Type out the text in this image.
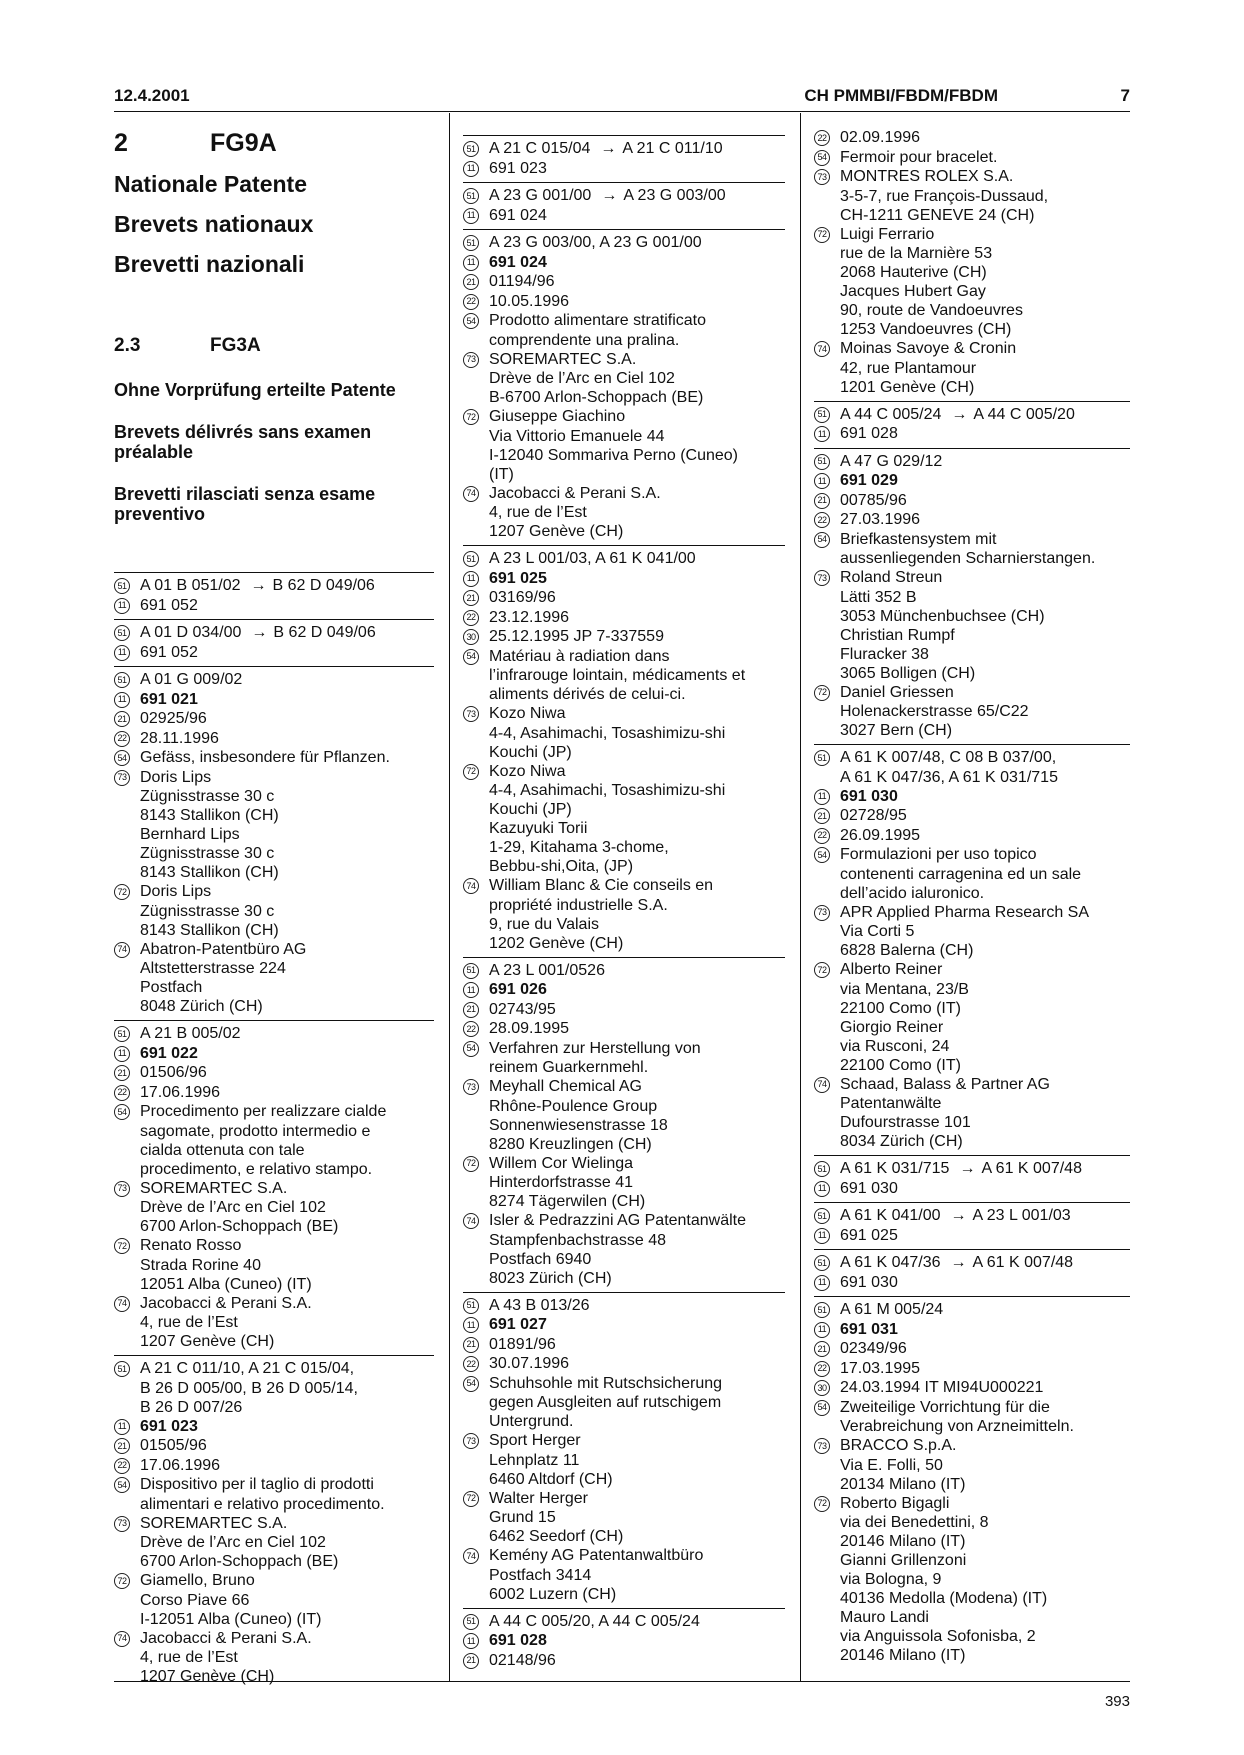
12.4.2001	CH PMMBI/FBDM/FBDM	7
2	FG9A
Nationale Patente
Brevets nationaux
Brevetti nazionali
2.3	FG3A
Ohne Vorprüfung erteilte Patente
Brevets délivrés sans examen préalable
Brevetti rilasciati senza esame preventivo
51 A 01 B 051/02 → B 62 D 049/06
11 691 052
51 A 01 D 034/00 → B 62 D 049/06
11 691 052
51 A 01 G 009/02
11 691 021
21 02925/96
22 28.11.1996
54 Gefäss, insbesondere für Pflanzen.
73 Doris Lips
Zügnisstrasse 30 c
8143 Stallikon (CH)
Bernhard Lips
Zügnisstrasse 30 c
8143 Stallikon (CH)
72 Doris Lips
Zügnisstrasse 30 c
8143 Stallikon (CH)
74 Abatron-Patentbüro AG
Altstetterstrasse 224
Postfach
8048 Zürich (CH)
51 A 21 B 005/02
11 691 022
21 01506/96
22 17.06.1996
54 Procedimento per realizzare cialde
sagomate, prodotto intermedio e
cialda ottenuta con tale
procedimento, e relativo stampo.
73 SOREMARTEC S.A.
Drève de l’Arc en Ciel 102
6700 Arlon-Schoppach (BE)
72 Renato Rosso
Strada Rorine 40
12051 Alba (Cuneo) (IT)
74 Jacobacci & Perani S.A.
4, rue de l’Est
1207 Genève (CH)
51 A 21 C 011/10, A 21 C 015/04,
B 26 D 005/00, B 26 D 005/14,
B 26 D 007/26
11 691 023
21 01505/96
22 17.06.1996
54 Dispositivo per il taglio di prodotti
alimentari e relativo procedimento.
73 SOREMARTEC S.A.
Drève de l’Arc en Ciel 102
6700 Arlon-Schoppach (BE)
72 Giamello, Bruno
Corso Piave 66
I-12051 Alba (Cuneo) (IT)
74 Jacobacci & Perani S.A.
4, rue de l’Est
1207 Genève (CH)
51 A 21 C 015/04 → A 21 C 011/10
11 691 023
51 A 23 G 001/00 → A 23 G 003/00
11 691 024
51 A 23 G 003/00, A 23 G 001/00
11 691 024
21 01194/96
22 10.05.1996
54 Prodotto alimentare stratificato
comprendente una pralina.
73 SOREMARTEC S.A.
Drève de l’Arc en Ciel 102
B-6700 Arlon-Schoppach (BE)
72 Giuseppe Giachino
Via Vittorio Emanuele 44
I-12040 Sommariva Perno (Cuneo)
(IT)
74 Jacobacci & Perani S.A.
4, rue de l’Est
1207 Genève (CH)
51 A 23 L 001/03, A 61 K 041/00
11 691 025
21 03169/96
22 23.12.1996
30 25.12.1995 JP 7-337559
54 Matériau à radiation dans
l’infrarouge lointain, médicaments et
aliments dérivés de celui-ci.
73 Kozo Niwa
4-4, Asahimachi, Tosashimizu-shi
Kouchi (JP)
72 Kozo Niwa
4-4, Asahimachi, Tosashimizu-shi
Kouchi (JP)
Kazuyuki Torii
1-29, Kitahama 3-chome,
Bebbu-shi,Oita, (JP)
74 William Blanc & Cie conseils en
propriété industrielle S.A.
9, rue du Valais
1202 Genève (CH)
51 A 23 L 001/0526
11 691 026
21 02743/95
22 28.09.1995
54 Verfahren zur Herstellung von
reinem Guarkernmehl.
73 Meyhall Chemical AG
Rhône-Poulence Group
Sonnenwiesenstrasse 18
8280 Kreuzlingen (CH)
72 Willem Cor Wielinga
Hinterdorfstrasse 41
8274 Tägerwilen (CH)
74 Isler & Pedrazzini AG Patentanwälte
Stampfenbachstrasse 48
Postfach 6940
8023 Zürich (CH)
51 A 43 B 013/26
11 691 027
21 01891/96
22 30.07.1996
54 Schuhsohle mit Rutschsicherung
gegen Ausgleiten auf rutschigem
Untergrund.
73 Sport Herger
Lehnplatz 11
6460 Altdorf (CH)
72 Walter Herger
Grund 15
6462 Seedorf (CH)
74 Kemény AG Patentanwaltbüro
Postfach 3414
6002 Luzern (CH)
51 A 44 C 005/20, A 44 C 005/24
11 691 028
21 02148/96
22 02.09.1996
54 Fermoir pour bracelet.
73 MONTRES ROLEX S.A.
3-5-7, rue François-Dussaud,
CH-1211 GENEVE 24 (CH)
72 Luigi Ferrario
rue de la Marnière 53
2068 Hauterive (CH)
Jacques Hubert Gay
90, route de Vandoeuvres
1253 Vandoeuvres (CH)
74 Moinas Savoye & Cronin
42, rue Plantamour
1201 Genève (CH)
51 A 44 C 005/24 → A 44 C 005/20
11 691 028
51 A 47 G 029/12
11 691 029
21 00785/96
22 27.03.1996
54 Briefkastensystem mit
aussenliegenden Scharnierstangen.
73 Roland Streun
Lätti 352 B
3053 Münchenbuchsee (CH)
Christian Rumpf
Fluracker 38
3065 Bolligen (CH)
72 Daniel Griessen
Holenackerstrasse 65/C22
3027 Bern (CH)
51 A 61 K 007/48, C 08 B 037/00,
A 61 K 047/36, A 61 K 031/715
11 691 030
21 02728/95
22 26.09.1995
54 Formulazioni per uso topico
contenenti carragenina ed un sale
dell’acido ialuronico.
73 APR Applied Pharma Research SA
Via Corti 5
6828 Balerna (CH)
72 Alberto Reiner
via Mentana, 23/B
22100 Como (IT)
Giorgio Reiner
via Rusconi, 24
22100 Como (IT)
74 Schaad, Balass & Partner AG
Patentanwälte
Dufourstrasse 101
8034 Zürich (CH)
51 A 61 K 031/715 → A 61 K 007/48
11 691 030
51 A 61 K 041/00 → A 23 L 001/03
11 691 025
51 A 61 K 047/36 → A 61 K 007/48
11 691 030
51 A 61 M 005/24
11 691 031
21 02349/96
22 17.03.1995
30 24.03.1994 IT MI94U000221
54 Zweiteilige Vorrichtung für die
Verabreichung von Arzneimitteln.
73 BRACCO S.p.A.
Via E. Folli, 50
20134 Milano (IT)
72 Roberto Bigagli
via dei Benedettini, 8
20146 Milano (IT)
Gianni Grillenzoni
via Bologna, 9
40136 Medolla (Modena) (IT)
Mauro Landi
via Anguissola Sofonisba, 2
20146 Milano (IT)
393
